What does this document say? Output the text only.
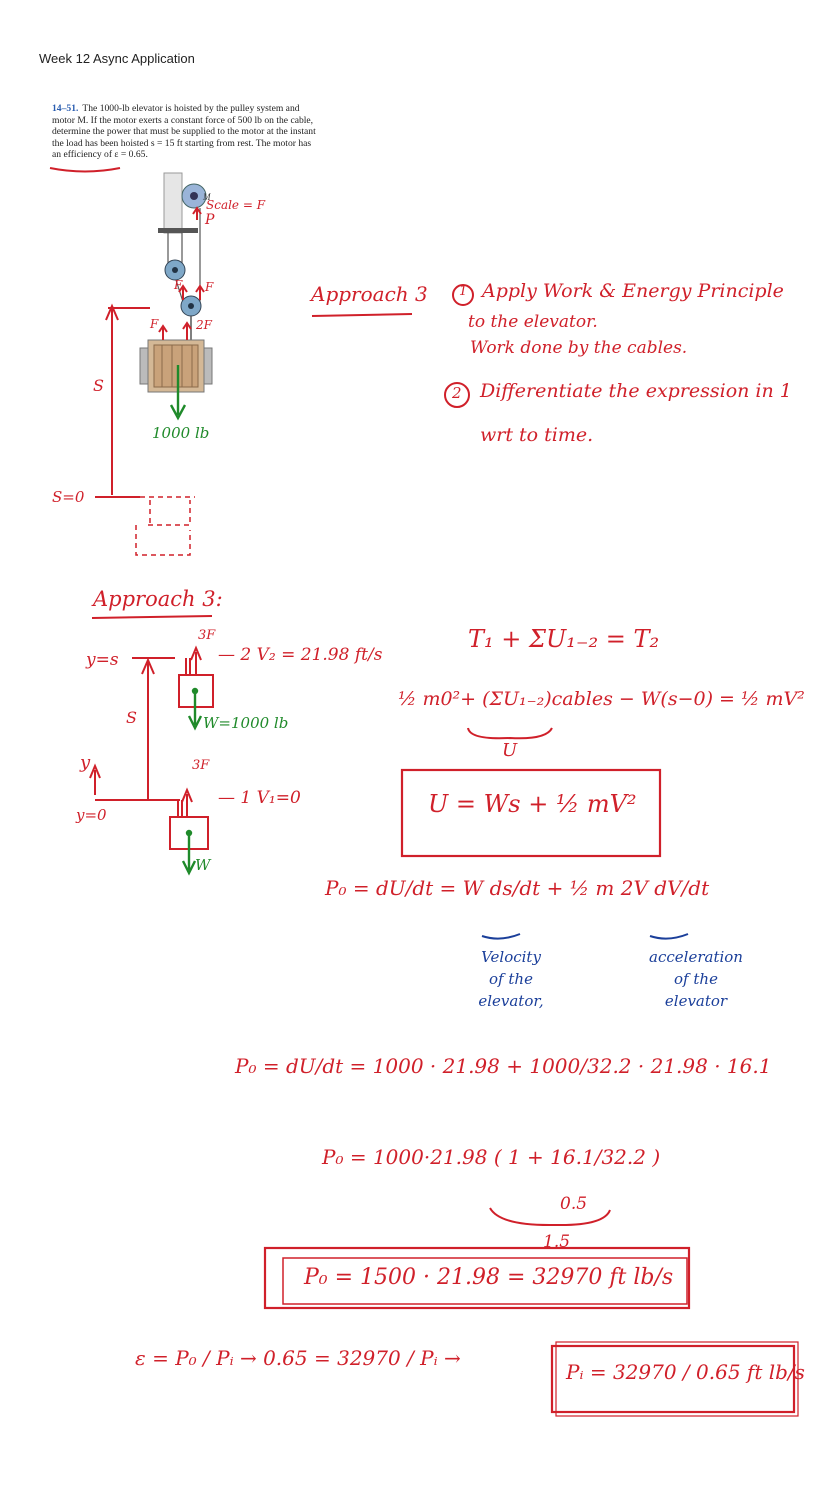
Week 12 Async Application
14–51. The 1000-lb elevator is hoisted by the pulley system and motor M. If the motor exerts a constant force of 500 lb on the cable, determine the power that must be supplied to the motor at the instant the load has been hoisted s = 15 ft starting from rest. The motor has an efficiency of ε = 0.65.
M
Scale = F
P
F F
F	2F
S
1000 lb
S=0
Approach 3 1 Apply Work & Energy Principle
to the elevator.
Work done by the cables.
2 Differentiate the expression in 1
wrt to time.
Approach 3:
y=s
3F
— 2 V₂ = 21.98 ft/s
W=1000 lb
S
y
y=0
3F
— 1 V₁=0
W
T₁ + ΣU₁₋₂ = T₂
½ m0²+ (ΣU₁₋₂)cables − W(s−0) = ½ mV²
U
U = Ws + ½ mV²
P₀ = dU/dt = W ds/dt + ½ m 2V dV/dt
Velocity
of the
elevator,
acceleration
of the
elevator
P₀ = dU/dt = 1000 · 21.98 + 1000/32.2 · 21.98 · 16.1
P₀ = 1000·21.98 ( 1 + 16.1/32.2 )
0.5
1.5
P₀ = 1500 · 21.98 = 32970 ft lb/s
ε = P₀ / Pᵢ → 0.65 = 32970 / Pᵢ →
Pᵢ = 32970 / 0.65 ft lb/s
